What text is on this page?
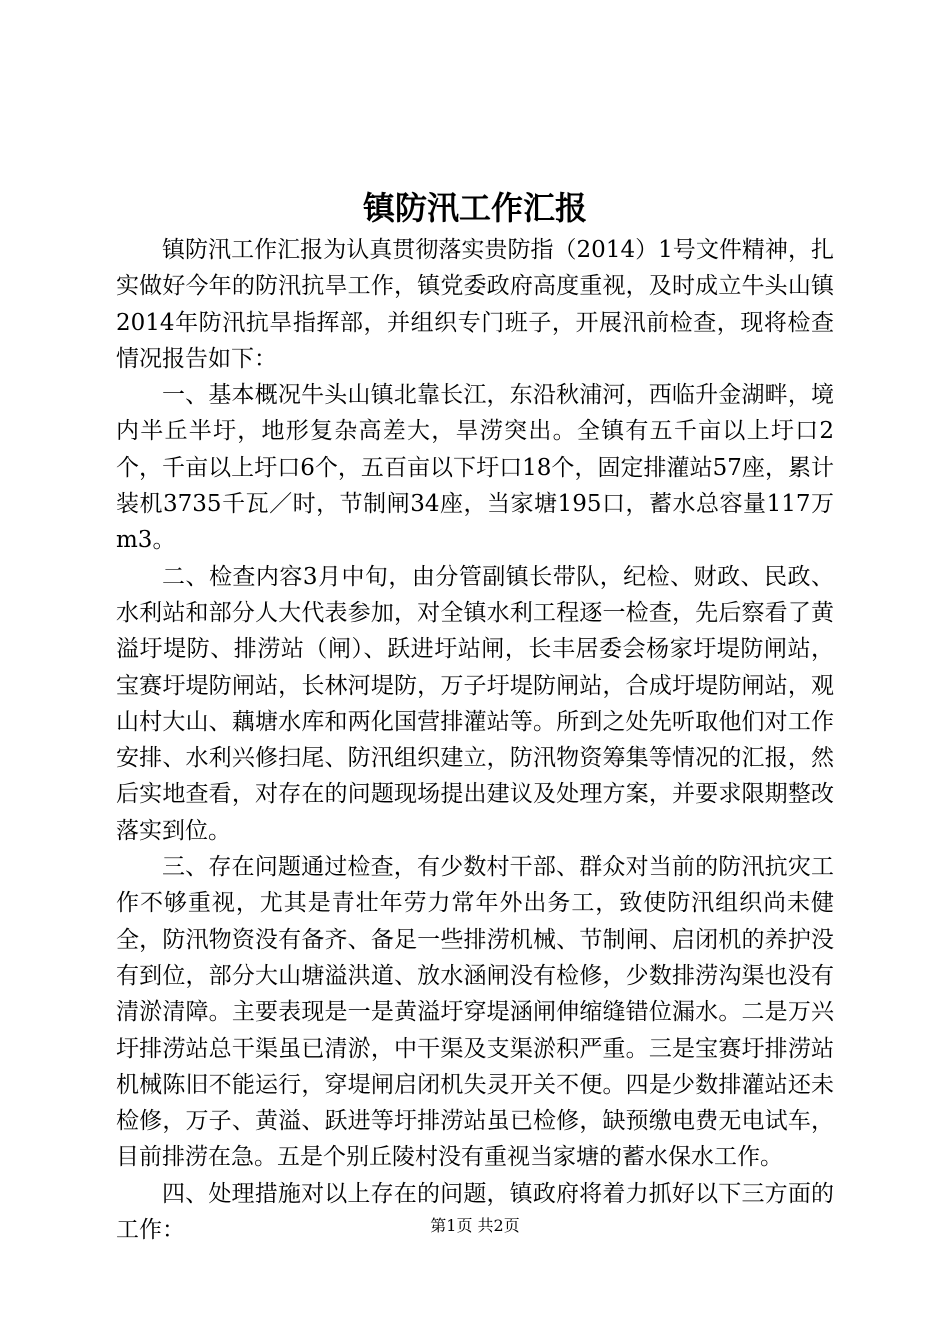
镇防汛工作汇报

镇防汛工作汇报为认真贯彻落实贵防指（2014）1号文件精神，扎实做好今年的防汛抗旱工作，镇党委政府高度重视，及时成立牛头山镇2014年防汛抗旱指挥部，并组织专门班子，开展汛前检查，现将检查情况报告如下：

一、基本概况牛头山镇北靠长江，东沿秋浦河，西临升金湖畔，境内半丘半圩，地形复杂高差大，旱涝突出。全镇有五千亩以上圩口2个，千亩以上圩口6个，五百亩以下圩口18个，固定排灌站57座，累计装机3735千瓦／时，节制闸34座，当家塘195口，蓄水总容量117万m3。

二、检查内容3月中旬，由分管副镇长带队，纪检、财政、民政、水利站和部分人大代表参加，对全镇水利工程逐一检查，先后察看了黄溢圩堤防、排涝站（闸）、跃进圩站闸，长丰居委会杨家圩堤防闸站，宝赛圩堤防闸站，长林河堤防，万子圩堤防闸站，合成圩堤防闸站，观山村大山、藕塘水库和两化国营排灌站等。所到之处先听取他们对工作安排、水利兴修扫尾、防汛组织建立，防汛物资筹集等情况的汇报，然后实地查看，对存在的问题现场提出建议及处理方案，并要求限期整改落实到位。

三、存在问题通过检查，有少数村干部、群众对当前的防汛抗灾工作不够重视，尤其是青壮年劳力常年外出务工，致使防汛组织尚未健全，防汛物资没有备齐、备足一些排涝机械、节制闸、启闭机的养护没有到位，部分大山塘溢洪道、放水涵闸没有检修，少数排涝沟渠也没有清淤清障。主要表现是一是黄溢圩穿堤涵闸伸缩缝错位漏水。二是万兴圩排涝站总干渠虽已清淤，中干渠及支渠淤积严重。三是宝赛圩排涝站机械陈旧不能运行，穿堤闸启闭机失灵开关不便。四是少数排灌站还未检修，万子、黄溢、跃进等圩排涝站虽已检修，缺预缴电费无电试车，目前排涝在急。五是个别丘陵村没有重视当家塘的蓄水保水工作。

四、处理措施对以上存在的问题，镇政府将着力抓好以下三方面的工作：	第1页 共2页
